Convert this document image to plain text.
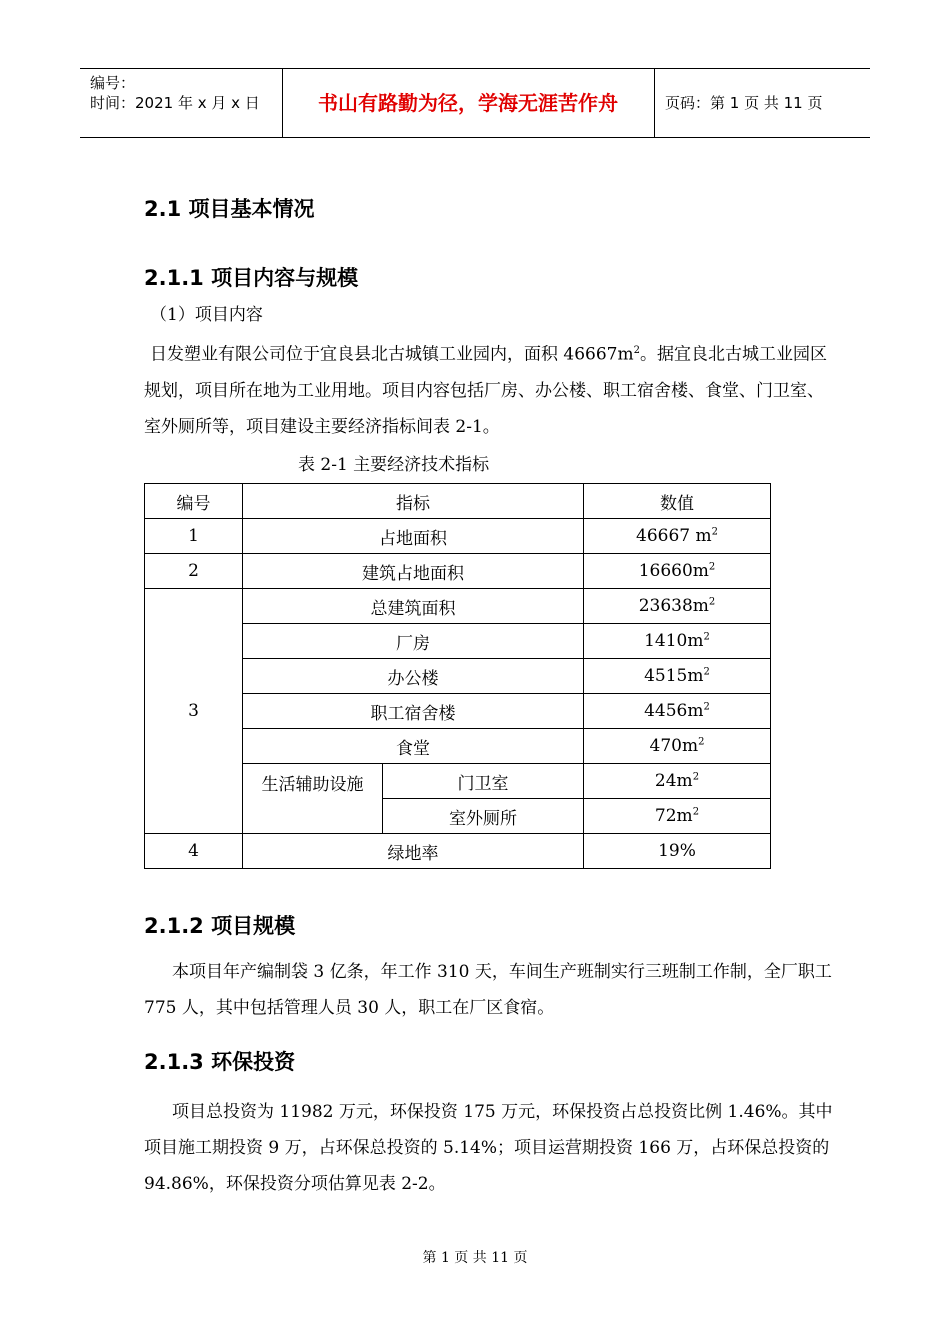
编号：
时间：2021 年 x 月 x 日	书山有路勤为径，学海无涯苦作舟	页码：第 1 页 共 11 页
2.1 项目基本情况
2.1.1 项目内容与规模
（1）项目内容
日发塑业有限公司位于宜良县北古城镇工业园内，面积 $46667m^2$。据宜良北古城工业园区规划，项目所在地为工业用地。项目内容包括厂房、办公楼、职工宿舍楼、食堂、门卫室、室外厕所等，项目建设主要经济指标间表 2-1。
表 2-1 主要经济技术指标
编号	指标		数值
1	占地面积		46667 $m^2$
2	建筑占地面积		$16660m^2$
3	总建筑面积		$23638m^2$
	厂房		$1410m^2$
	办公楼		$4515m^2$
	职工宿舍楼		$4456m^2$
	食堂		$470m^2$
	生活辅助设施	门卫室	$24m^2$
		室外厕所	$72m^2$
4	绿地率		19%
2.1.2 项目规模
本项目年产编制袋 3 亿条，年工作 310 天，车间生产班制实行三班制工作制，全厂职工 775 人，其中包括管理人员 30 人，职工在厂区食宿。
2.1.3 环保投资
项目总投资为 11982 万元，环保投资 175 万元，环保投资占总投资比例 1.46%。其中项目施工期投资 9 万，占环保总投资的 5.14%；项目运营期投资 166 万，占环保总投资的 94.86%，环保投资分项估算见表 2-2。
第 1 页 共 11 页
